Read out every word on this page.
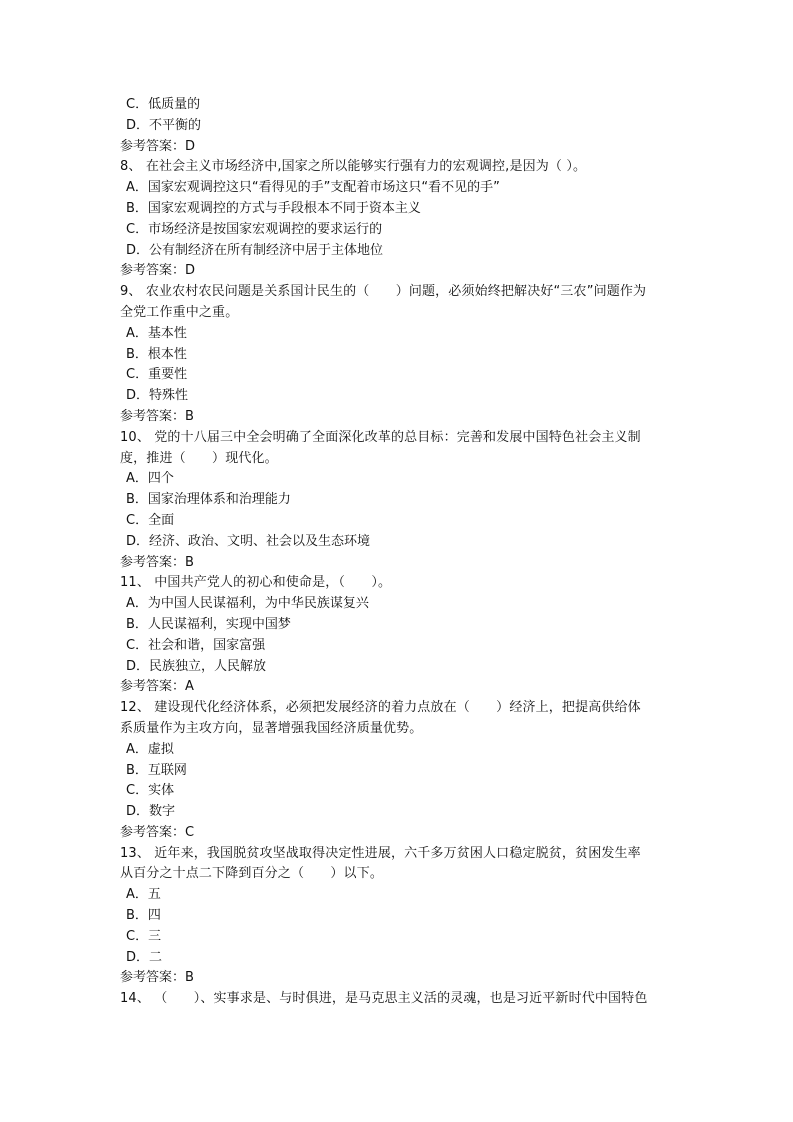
C．低质量的
D．不平衡的
参考答案：D
8、 在社会主义市场经济中,国家之所以能够实行强有力的宏观调控,是因为（ ）。
A．国家宏观调控这只“看得见的手”支配着市场这只“看不见的手”
B．国家宏观调控的方式与手段根本不同于资本主义
C．市场经济是按国家宏观调控的要求运行的
D．公有制经济在所有制经济中居于主体地位
参考答案：D
9、 农业农村农民问题是关系国计民生的（　　）问题，必须始终把解决好“三农”问题作为
全党工作重中之重。
A．基本性
B．根本性
C．重要性
D．特殊性
参考答案：B
10、 党的十八届三中全会明确了全面深化改革的总目标：完善和发展中国特色社会主义制
度，推进（　　）现代化。
A．四个
B．国家治理体系和治理能力
C．全面
D．经济、政治、文明、社会以及生态环境
参考答案：B
11、 中国共产党人的初心和使命是，（　　）。
A．为中国人民谋福利，为中华民族谋复兴
B．人民谋福利，实现中国梦
C．社会和谐，国家富强
D．民族独立，人民解放
参考答案：A
12、 建设现代化经济体系，必须把发展经济的着力点放在（　　）经济上，把提高供给体
系质量作为主攻方向，显著增强我国经济质量优势。
A．虚拟
B．互联网
C．实体
D．数字
参考答案：C
13、 近年来，我国脱贫攻坚战取得决定性进展，六千多万贫困人口稳定脱贫，贫困发生率
从百分之十点二下降到百分之（　　）以下。
A．五
B．四
C．三
D．二
参考答案：B
14、 （　　）、实事求是、与时俱进，是马克思主义活的灵魂，也是习近平新时代中国特色
